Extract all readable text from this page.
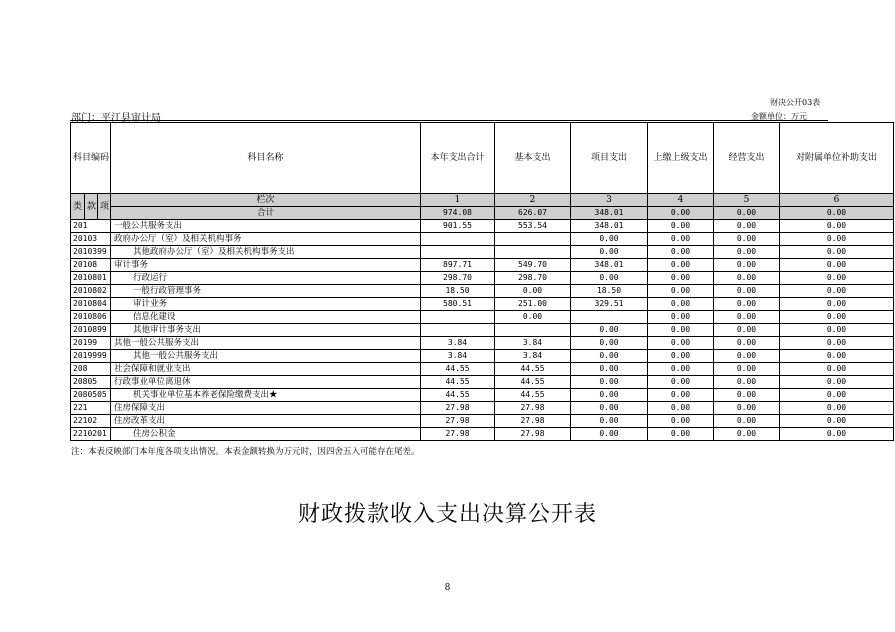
财决公开03表
部门：平江县审计局	金额单位：万元
科目编码			科目名称	本年支出合计	基本支出	项目支出	上缴上级支出	经营支出	对附属单位补助支出
类	款	项	栏次	1	2	3	4	5	6
			合计	974.08	626.07	348.01	0.00	0.00	0.00
201			一般公共服务支出	901.55	553.54	348.01	0.00	0.00	0.00
20103			政府办公厅（室）及相关机构事务			0.00	0.00	0.00	0.00
2010399			其他政府办公厅（室）及相关机构事务支出			0.00	0.00	0.00	0.00
20108			审计事务	897.71	549.70	348.01	0.00	0.00	0.00
2010801			行政运行	298.70	298.70	0.00	0.00	0.00	0.00
2010802			一般行政管理事务	18.50	0.00	18.50	0.00	0.00	0.00
2010804			审计业务	580.51	251.00	329.51	0.00	0.00	0.00
2010806			信息化建设		0.00		0.00	0.00	0.00
2010899			其他审计事务支出			0.00	0.00	0.00	0.00
20199			其他一般公共服务支出	3.84	3.84	0.00	0.00	0.00	0.00
2019999			其他一般公共服务支出	3.84	3.84	0.00	0.00	0.00	0.00
208			社会保障和就业支出	44.55	44.55	0.00	0.00	0.00	0.00
20805			行政事业单位离退休	44.55	44.55	0.00	0.00	0.00	0.00
2080505			机关事业单位基本养老保险缴费支出★	44.55	44.55	0.00	0.00	0.00	0.00
221			住房保障支出	27.98	27.98	0.00	0.00	0.00	0.00
22102			住房改革支出	27.98	27.98	0.00	0.00	0.00	0.00
2210201			住房公积金	27.98	27.98	0.00	0.00	0.00	0.00
注：本表反映部门本年度各项支出情况。本表金额转换为万元时，因四舍五入可能存在尾差。
财政拨款收入支出决算公开表
8
